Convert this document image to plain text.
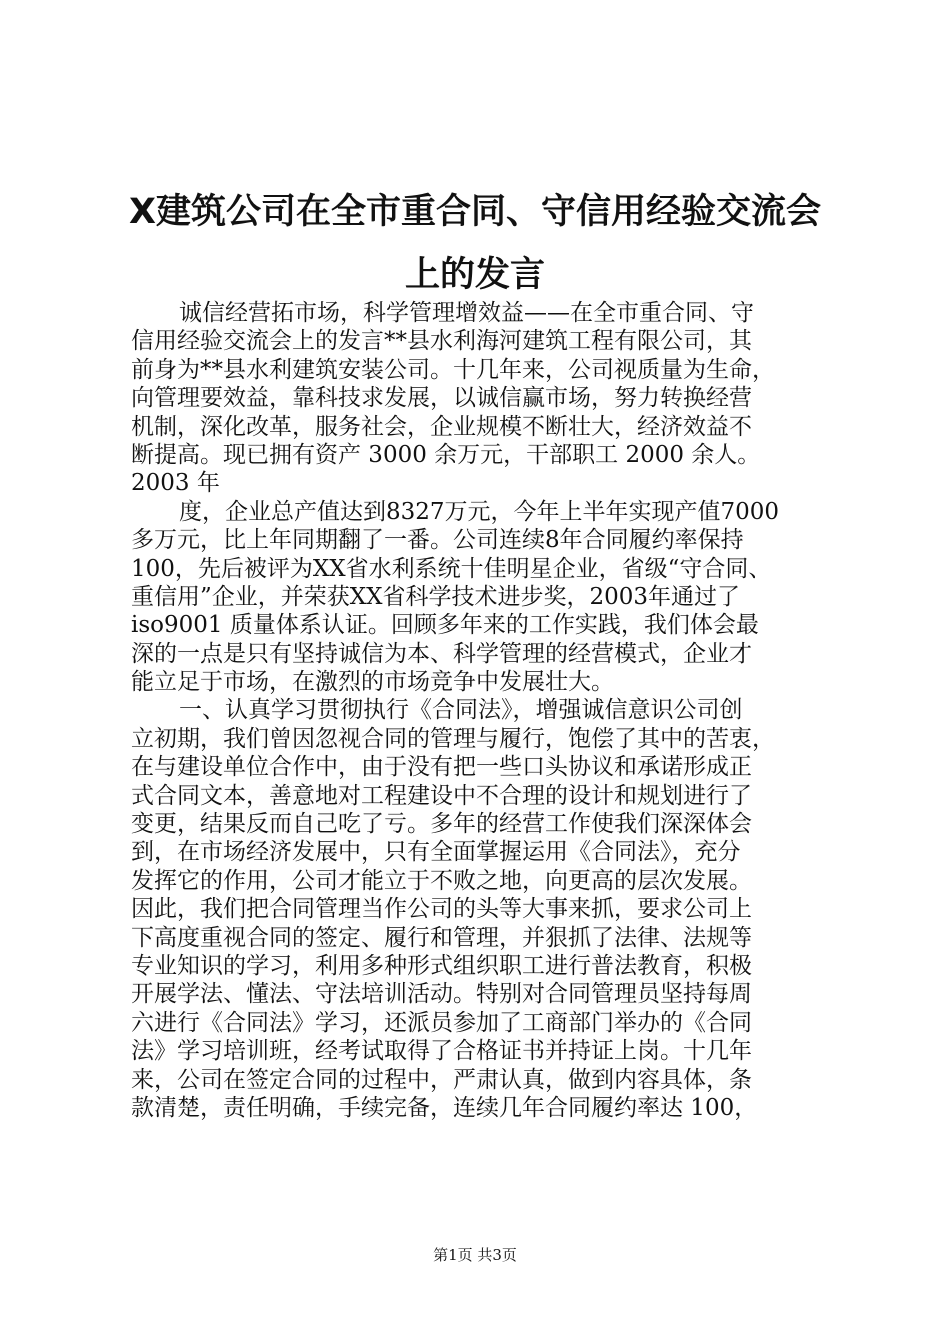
X建筑公司在全市重合同、守信用经验交流会
上的发言
诚信经营拓市场，科学管理增效益——在全市重合同、守
信用经验交流会上的发言**县水利海河建筑工程有限公司，其
前身为**县水利建筑安装公司。十几年来，公司视质量为生命，
向管理要效益，靠科技求发展，以诚信赢市场，努力转换经营
机制，深化改革，服务社会，企业规模不断壮大，经济效益不
断提高。现已拥有资产 3000 余万元，干部职工 2000 余人。
2003 年
度，企业总产值达到8327万元，今年上半年实现产值7000
多万元，比上年同期翻了一番。公司连续8年合同履约率保持
100，先后被评为XX省水利系统十佳明星企业，省级“守合同、
重信用”企业，并荣获XX省科学技术进步奖，2003年通过了
iso9001 质量体系认证。回顾多年来的工作实践，我们体会最
深的一点是只有坚持诚信为本、科学管理的经营模式，企业才
能立足于市场，在激烈的市场竞争中发展壮大。
一、认真学习贯彻执行《合同法》，增强诚信意识公司创
立初期，我们曾因忽视合同的管理与履行，饱偿了其中的苦衷，
在与建设单位合作中，由于没有把一些口头协议和承诺形成正
式合同文本，善意地对工程建设中不合理的设计和规划进行了
变更，结果反而自己吃了亏。多年的经营工作使我们深深体会
到，在市场经济发展中，只有全面掌握运用《合同法》，充分
发挥它的作用，公司才能立于不败之地，向更高的层次发展。
因此，我们把合同管理当作公司的头等大事来抓，要求公司上
下高度重视合同的签定、履行和管理，并狠抓了法律、法规等
专业知识的学习，利用多种形式组织职工进行普法教育，积极
开展学法、懂法、守法培训活动。特别对合同管理员坚持每周
六进行《合同法》学习，还派员参加了工商部门举办的《合同
法》学习培训班，经考试取得了合格证书并持证上岗。十几年
来，公司在签定合同的过程中，严肃认真，做到内容具体，条
款清楚，责任明确，手续完备，连续几年合同履约率达 100，
第1页 共3页
